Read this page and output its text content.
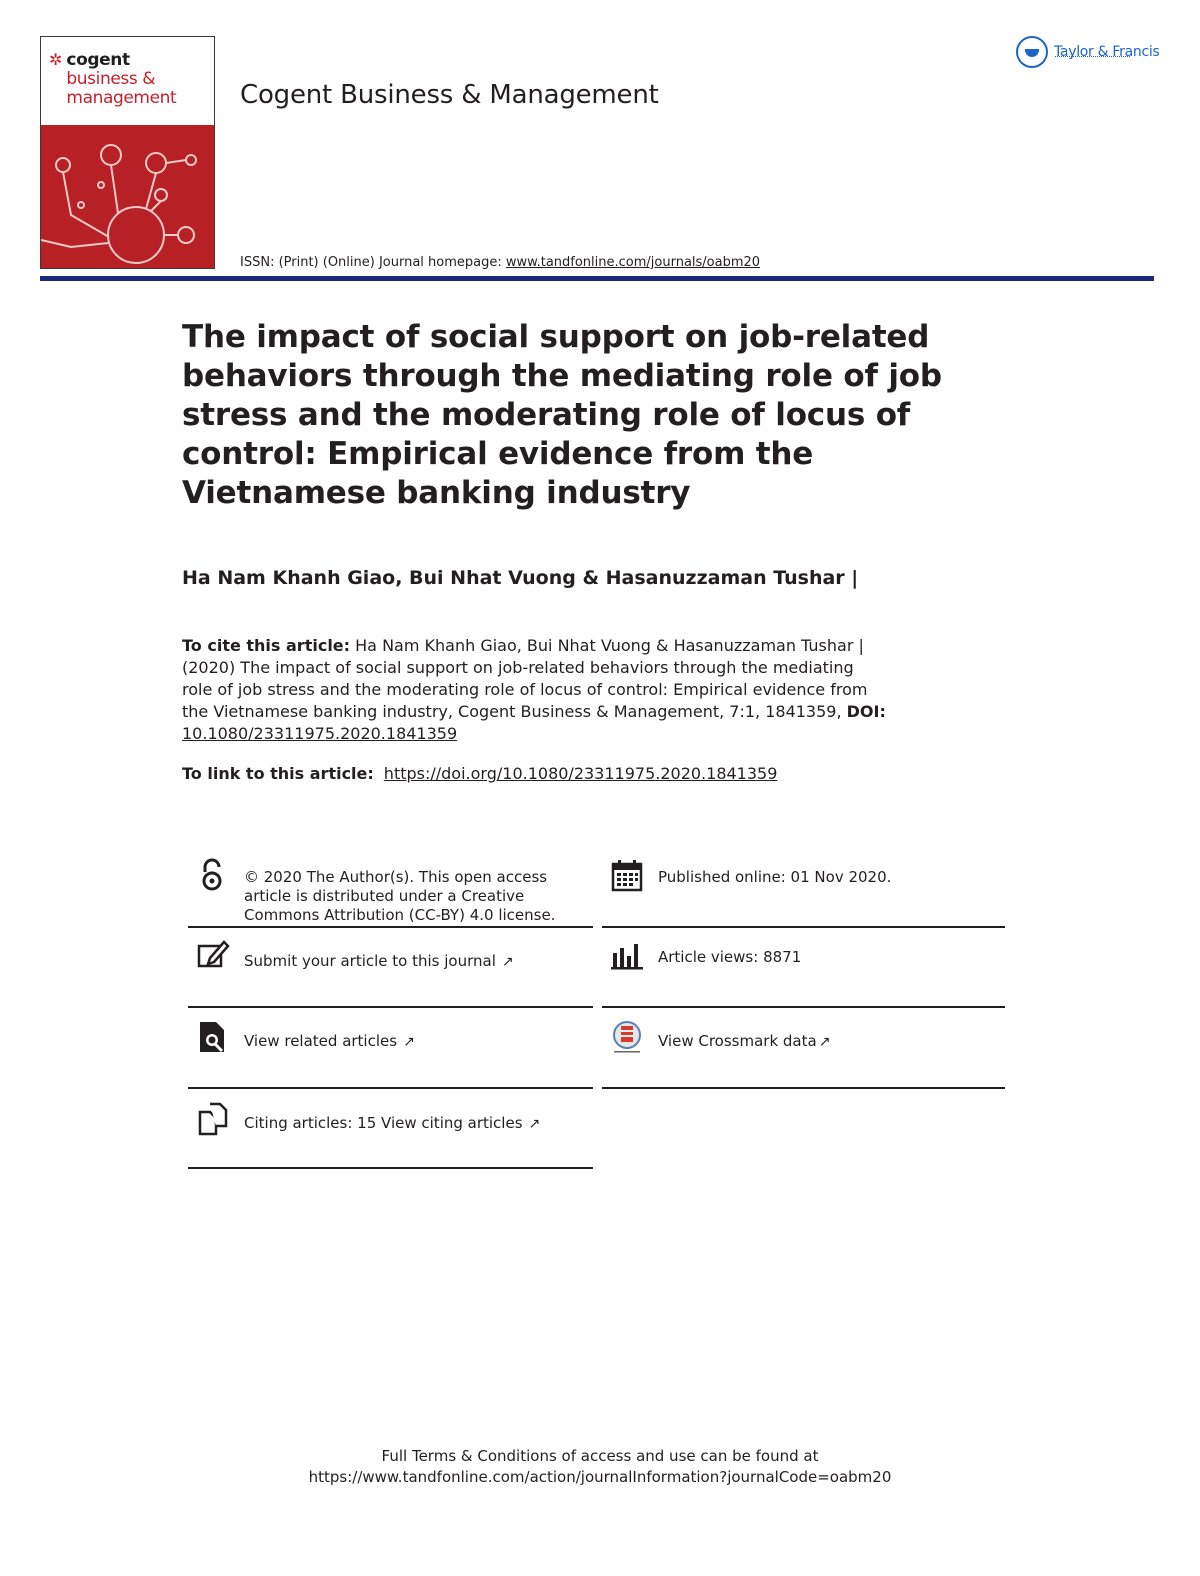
✲ cogent
business &
management Cogent Business & Management
Taylor & Francis
ISSN: (Print) (Online) Journal homepage: www.tandfonline.com/journals/oabm20
The impact of social support on job-related behaviors through the mediating role of job stress and the moderating role of locus of control: Empirical evidence from the Vietnamese banking industry
Ha Nam Khanh Giao, Bui Nhat Vuong & Hasanuzzaman Tushar |
To cite this article: Ha Nam Khanh Giao, Bui Nhat Vuong & Hasanuzzaman Tushar |
(2020) The impact of social support on job-related behaviors through the mediating
role of job stress and the moderating role of locus of control: Empirical evidence from
the Vietnamese banking industry, Cogent Business & Management, 7:1, 1841359, DOI:
10.1080/23311975.2020.1841359
To link to this article: https://doi.org/10.1080/23311975.2020.1841359
© 2020 The Author(s). This open access
article is distributed under a Creative
Commons Attribution (CC-BY) 4.0 license.
Published online: 01 Nov 2020.
Submit your article to this journal ↗	Article views: 8871
View related articles ↗	View Crossmark data ↗
Citing articles: 15 View citing articles ↗
Full Terms & Conditions of access and use can be found at
https://www.tandfonline.com/action/journalInformation?journalCode=oabm20
